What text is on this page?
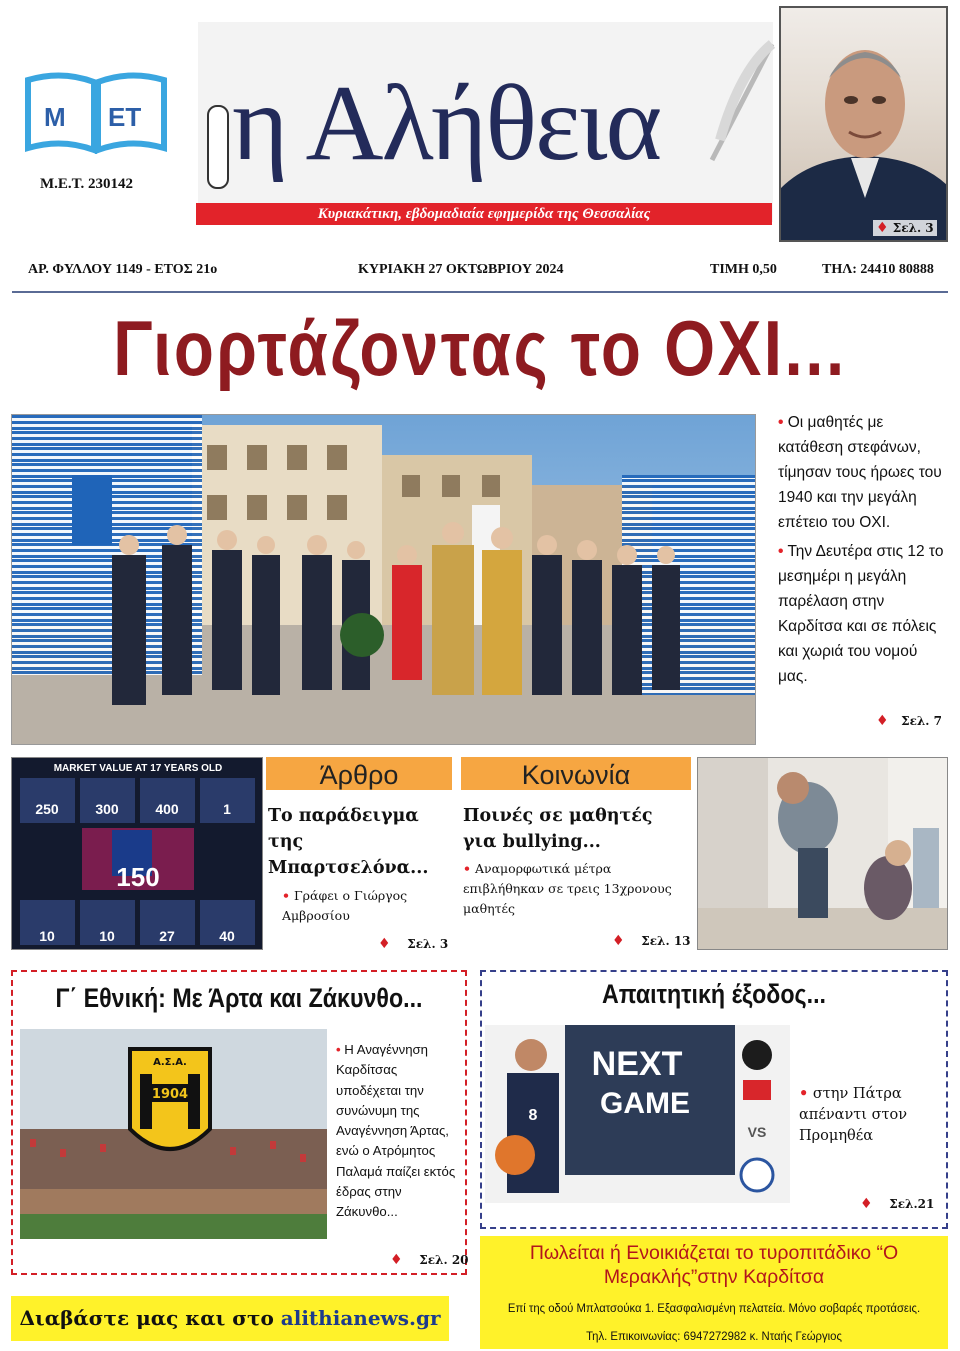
Μ ΕΤ
Μ.Ε.Τ. 230142
η Αλήθεια
Κυριακάτικη, εβδομαδιαία εφημερίδα της Θεσσαλίας
♦ Σελ. 3
ΑΡ. ΦΥΛΛΟΥ 1149 - ΕΤΟΣ 21ο	ΚΥΡΙΑΚΗ 27 ΟΚΤΩΒΡΙΟΥ 2024	ΤΙΜΗ 0,50	ΤΗΛ: 24410 80888
Γιορτάζοντας το ΟΧΙ...

• Οι μαθητές με κατάθεση στεφάνων, τίμησαν τους ήρωες του 1940 και την μεγάλη επέτειο του ΟΧΙ.

• Την Δευτέρα στις 12 το μεσημέρι η μεγάλη παρέλαση στην Καρδίτσα και σε πόλεις και χωριά του νομού μας.

♦ Σελ. 7
MARKET VALUE AT 17 YEARS OLD
250	300	400	1
150
10	10	27	40
Άρθρο
Το παράδειγμα της Μπαρτσελόνα...
• Γράφει ο Γιώργος Αμβροσίου
♦ Σελ. 3
Κοινωνία
Ποινές σε μαθητές για bullying...
• Αναμορφωτικά μέτρα επιβλήθηκαν σε τρεις 13χρονους μαθητές
♦ Σελ. 13
Γ΄ Εθνική: Με Άρτα και Ζάκυνθο...
1904
Α.Σ.Α.
• Η Αναγέννηση Καρδίτσας υποδέχεται την συνώνυμη της Αναγέννηση Άρτας, ενώ ο Ατρόμητος Παλαμά παίζει εκτός έδρας στην Ζάκυνθο...
♦ Σελ. 20
Απαιτητική έξοδος...
NEXT
GAME
8
VS
• στην Πάτρα απέναντι στον Προμηθέα
♦ Σελ.21
Διαβάστε μας και στο alithianews.gr
Πωλείται ή Ενοικιάζεται το τυροπιτάδικο “Ο Μερακλής”στην Καρδίτσα
Επί της οδού Μπλατσούκα 1. Εξασφαλισμένη πελατεία. Μόνο σοβαρές προτάσεις.
Τηλ. Επικοινωνίας: 6947272982 κ. Νταής Γεώργιος
